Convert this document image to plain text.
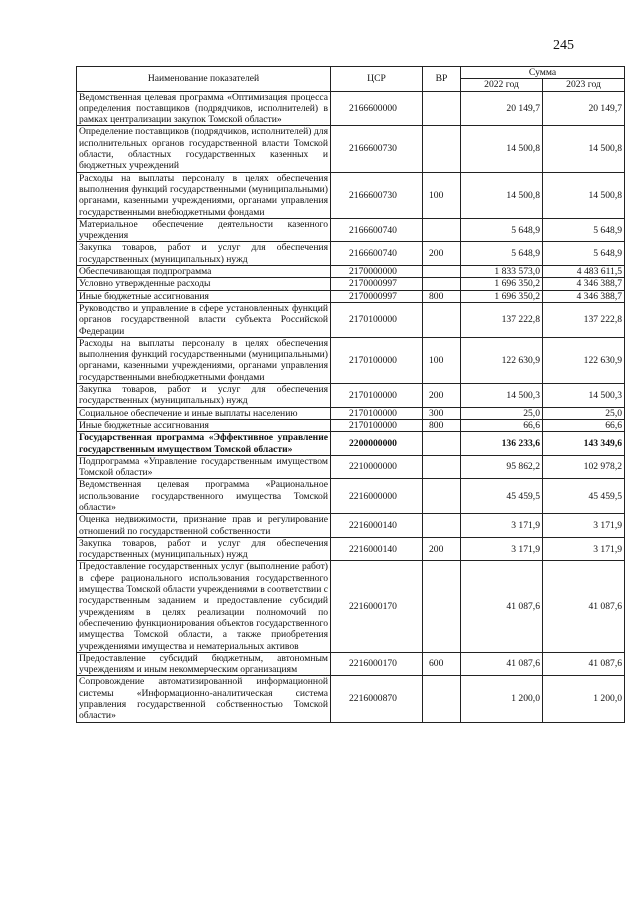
245
Наименование показателей	ЦСР	ВР	Сумма	
			2022 год	2023 год
Ведомственная целевая программа «Оптимизация процесса определения поставщиков (подрядчиков, исполнителей) в рамках централизации закупок Томской области»	2166600000		20 149,7	20 149,7
Определение поставщиков (подрядчиков, исполнителей) для исполнительных органов государственной власти Томской области, областных государственных казенных и бюджетных учреждений	2166600730		14 500,8	14 500,8
Расходы на выплаты персоналу в целях обеспечения выполнения функций государственными (муниципальными) органами, казенными учреждениями, органами управления государственными внебюджетными фондами	2166600730	100	14 500,8	14 500,8
Материальное обеспечение деятельности казенного учреждения	2166600740		5 648,9	5 648,9
Закупка товаров, работ и услуг для обеспечения государственных (муниципальных) нужд	2166600740	200	5 648,9	5 648,9
Обеспечивающая подпрограмма	2170000000		1 833 573,0	4 483 611,5
Условно утвержденные расходы	2170000997		1 696 350,2	4 346 388,7
Иные бюджетные ассигнования	2170000997	800	1 696 350,2	4 346 388,7
Руководство и управление в сфере установленных функций органов государственной власти субъекта Российской Федерации	2170100000		137 222,8	137 222,8
Расходы на выплаты персоналу в целях обеспечения выполнения функций государственными (муниципальными) органами, казенными учреждениями, органами управления государственными внебюджетными фондами	2170100000	100	122 630,9	122 630,9
Закупка товаров, работ и услуг для обеспечения государственных (муниципальных) нужд	2170100000	200	14 500,3	14 500,3
Социальное обеспечение и иные выплаты населению	2170100000	300	25,0	25,0
Иные бюджетные ассигнования	2170100000	800	66,6	66,6
Государственная программа «Эффективное управление государственным имуществом Томской области»	2200000000		136 233,6	143 349,6
Подпрограмма «Управление государственным имуществом Томской области»	2210000000		95 862,2	102 978,2
Ведомственная целевая программа «Рациональное использование государственного имущества Томской области»	2216000000		45 459,5	45 459,5
Оценка недвижимости, признание прав и регулирование отношений по государственной собственности	2216000140		3 171,9	3 171,9
Закупка товаров, работ и услуг для обеспечения государственных (муниципальных) нужд	2216000140	200	3 171,9	3 171,9
Предоставление государственных услуг (выполнение работ) в сфере рационального использования государственного имущества Томской области учреждениями в соответствии с государственным заданием и предоставление субсидий учреждениям в целях реализации полномочий по обеспечению функционирования объектов государственного имущества Томской области, а также приобретения учреждениями имущества и нематериальных активов	2216000170		41 087,6	41 087,6
Предоставление субсидий бюджетным, автономным учреждениям и иным некоммерческим организациям	2216000170	600	41 087,6	41 087,6
Сопровождение автоматизированной информационной системы «Информационно-аналитическая система управления государственной собственностью Томской области»	2216000870		1 200,0	1 200,0
